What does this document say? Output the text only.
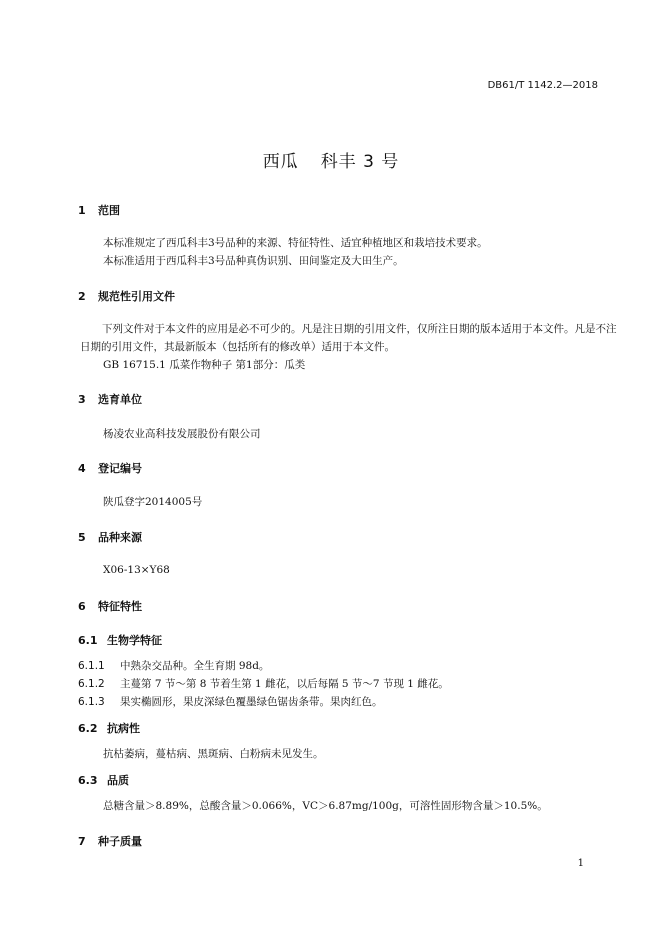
DB61/T 1142.2—2018
西瓜 科丰 3 号
1 范围
本标准规定了西瓜科丰3号品种的来源、特征特性、适宜种植地区和栽培技术要求。
本标准适用于西瓜科丰3号品种真伪识别、田间鉴定及大田生产。
2 规范性引用文件
下列文件对于本文件的应用是必不可少的。凡是注日期的引用文件，仅所注日期的版本适用于本文件。凡是不注日期的引用文件，其最新版本（包括所有的修改单）适用于本文件。
GB 16715.1 瓜菜作物种子 第1部分：瓜类
3 选育单位
杨凌农业高科技发展股份有限公司
4 登记编号
陕瓜登字2014005号
5 品种来源
X06-13×Y68
6 特征特性
6.1 生物学特征
6.1.1 中熟杂交品种。全生育期 98d。
6.1.2 主蔓第 7 节～第 8 节着生第 1 雌花，以后每隔 5 节～7 节现 1 雌花。
6.1.3 果实椭圆形，果皮深绿色覆墨绿色锯齿条带。果肉红色。
6.2 抗病性
抗枯萎病，蔓枯病、黑斑病、白粉病未见发生。
6.3 品质
总糖含量＞8.89%，总酸含量＞0.066%，VC＞6.87mg/100g，可溶性固形物含量＞10.5%。
7 种子质量
1
